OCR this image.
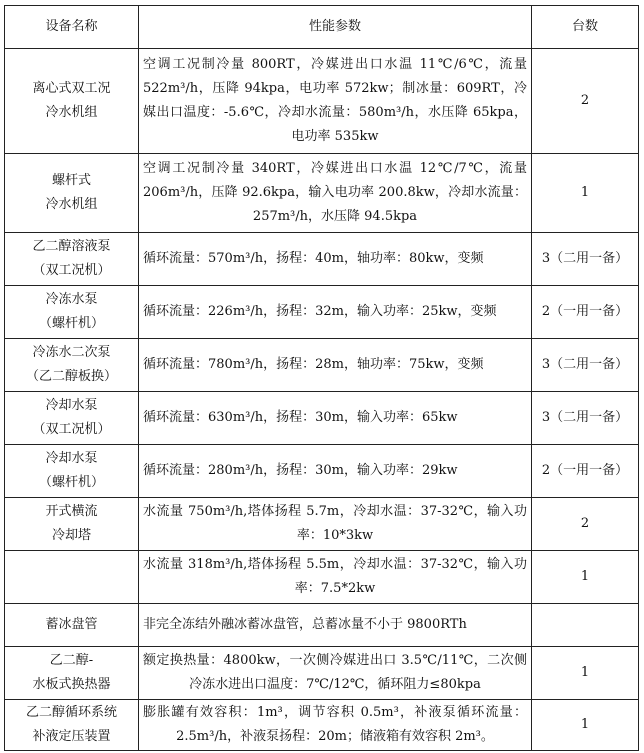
设备名称	性能参数	台数

离心式双工况
冷水机组	空调工况制冷量 800RT，冷媒进出口水温 11℃/6℃，流量 522m³/h，压降 94kpa，电功率 572kw；制冰量：609RT，冷媒出口温度：-5.6℃，冷却水流量：580m³/h，水压降 65kpa，电功率 535kw	2

螺杆式
冷水机组	空调工况制冷量 340RT，冷媒进出口水温 12℃/7℃，流量 206m³/h，压降 92.6kpa，输入电功率 200.8kw，冷却水流量：257m³/h，水压降 94.5kpa	1

乙二醇溶液泵
（双工况机）	循环流量：570m³/h，扬程：40m，轴功率：80kw，变频	3（二用一备）

冷冻水泵
（螺杆机）	循环流量：226m³/h，扬程：32m，输入功率：25kw，变频	2（一用一备）

冷冻水二次泵
（乙二醇板换）	循环流量：780m³/h，扬程：28m，轴功率：75kw，变频	3（二用一备）

冷却水泵
（双工况机）	循环流量：630m³/h，扬程：30m，输入功率：65kw	3（二用一备）

冷却水泵
（螺杆机）	循环流量：280m³/h，扬程：30m，输入功率：29kw	2（一用一备）

开式横流
冷却塔	水流量 750m³/h,塔体扬程 5.7m，冷却水温：37-32℃，输入功率：10*3kw	2

	水流量 318m³/h,塔体扬程 5.5m，冷却水温：37-32℃，输入功率：7.5*2kw	1

蓄冰盘管	非完全冻结外融冰蓄冰盘管，总蓄冰量不小于 9800RTh	

乙二醇-
水板式换热器	额定换热量：4800kw，一次侧冷媒进出口 3.5℃/11℃，二次侧冷冻水进出口温度：7℃/12℃，循环阻力≤80kpa	1

乙二醇循环系统
补液定压装置	膨胀罐有效容积：1m³，调节容积 0.5m³，补液泵循环流量：2.5m³/h，补液泵扬程：20m；储液箱有效容积 2m³。	1
